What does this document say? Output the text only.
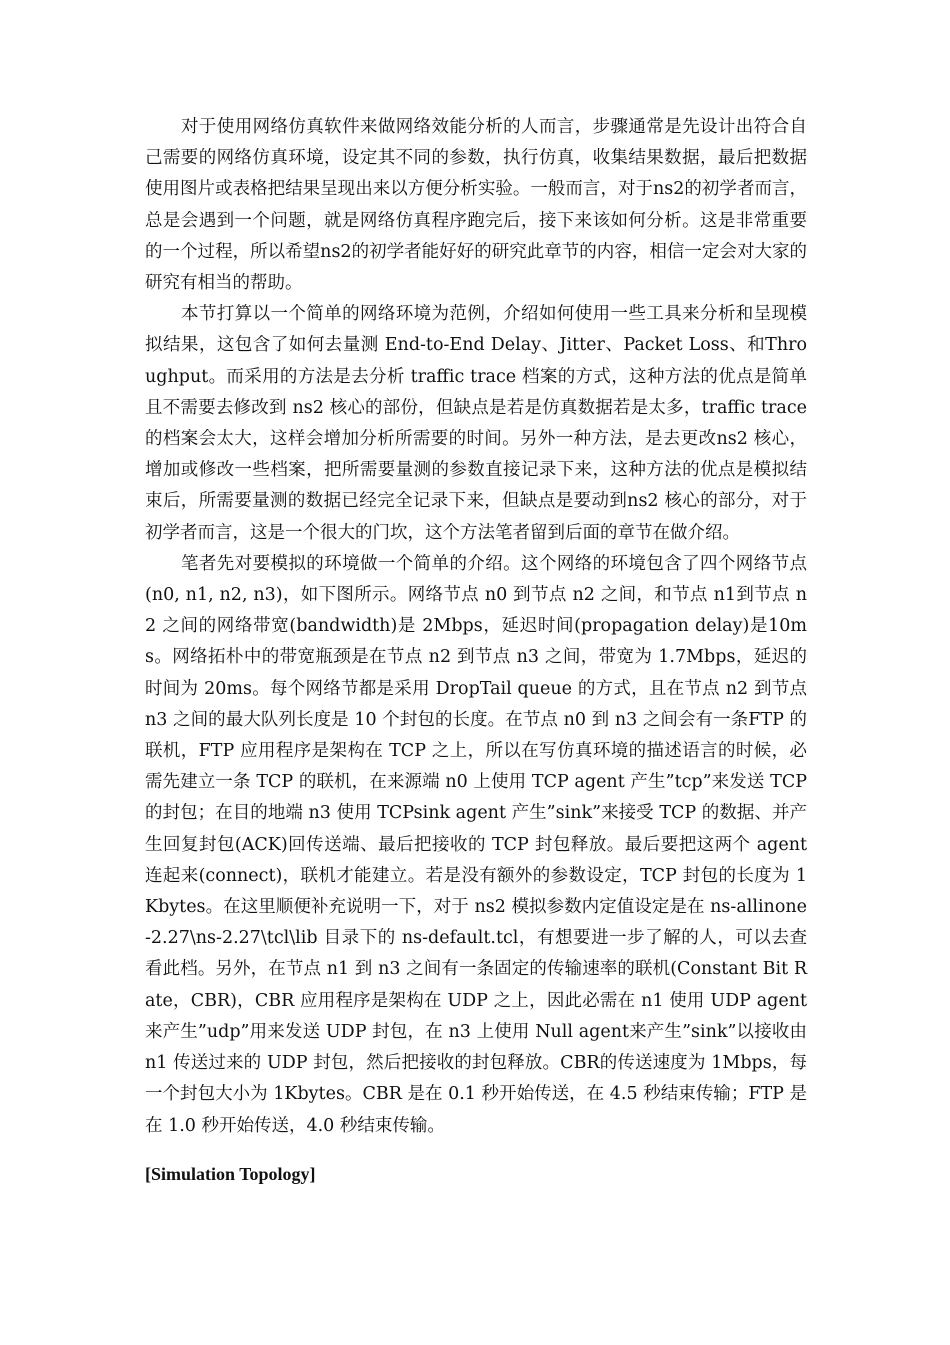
对于使用网络仿真软件来做网络效能分析的人而言，步骤通常是先设计出符合自己需要的网络仿真环境，设定其不同的参数，执行仿真，收集结果数据，最后把数据使用图片或表格把结果呈现出来以方便分析实验。一般而言，对于ns2的初学者而言，总是会遇到一个问题，就是网络仿真程序跑完后，接下来该如何分析。这是非常重要的一个过程，所以希望ns2的初学者能好好的研究此章节的内容，相信一定会对大家的研究有相当的帮助。

本节打算以一个简单的网络环境为范例，介绍如何使用一些工具来分析和呈现模拟结果，这包含了如何去量测 End-to-End Delay、Jitter、Packet Loss、和Throughput。而采用的方法是去分析 traffic trace 档案的方式，这种方法的优点是简单且不需要去修改到 ns2 核心的部份，但缺点是若是仿真数据若是太多，traffic trace 的档案会太大，这样会增加分析所需要的时间。另外一种方法，是去更改ns2 核心，增加或修改一些档案，把所需要量测的参数直接记录下来，这种方法的优点是模拟结束后，所需要量测的数据已经完全记录下来，但缺点是要动到ns2 核心的部分，对于初学者而言，这是一个很大的门坎，这个方法笔者留到后面的章节在做介绍。

笔者先对要模拟的环境做一个简单的介绍。这个网络的环境包含了四个网络节点(n0, n1, n2, n3)，如下图所示。网络节点 n0 到节点 n2 之间，和节点 n1到节点 n2 之间的网络带宽(bandwidth)是 2Mbps，延迟时间(propagation delay)是10ms。网络拓朴中的带宽瓶颈是在节点 n2 到节点 n3 之间，带宽为 1.7Mbps，延迟的时间为 20ms。每个网络节都是采用 DropTail queue 的方式，且在节点 n2 到节点 n3 之间的最大队列长度是 10 个封包的长度。在节点 n0 到 n3 之间会有一条FTP 的联机，FTP 应用程序是架构在 TCP 之上，所以在写仿真环境的描述语言的时候，必需先建立一条 TCP 的联机，在来源端 n0 上使用 TCP agent 产生”tcp”来发送 TCP 的封包；在目的地端 n3 使用 TCPsink agent 产生”sink”来接受 TCP 的数据、并产生回复封包(ACK)回传送端、最后把接收的 TCP 封包释放。最后要把这两个 agent 连起来(connect)，联机才能建立。若是没有额外的参数设定，TCP 封包的长度为 1Kbytes。在这里顺便补充说明一下，对于 ns2 模拟参数内定值设定是在 ns-allinone-2.27\ns-2.27\tcl\lib 目录下的 ns-default.tcl，有想要进一步了解的人，可以去查看此档。另外，在节点 n1 到 n3 之间有一条固定的传输速率的联机(Constant Bit Rate，CBR)，CBR 应用程序是架构在 UDP 之上，因此必需在 n1 使用 UDP agent 来产生”udp”用来发送 UDP 封包，在 n3 上使用 Null agent来产生”sink”以接收由 n1 传送过来的 UDP 封包，然后把接收的封包释放。CBR的传送速度为 1Mbps，每一个封包大小为 1Kbytes。CBR 是在 0.1 秒开始传送，在 4.5 秒结束传输；FTP 是在 1.0 秒开始传送，4.0 秒结束传输。

[Simulation Topology]
